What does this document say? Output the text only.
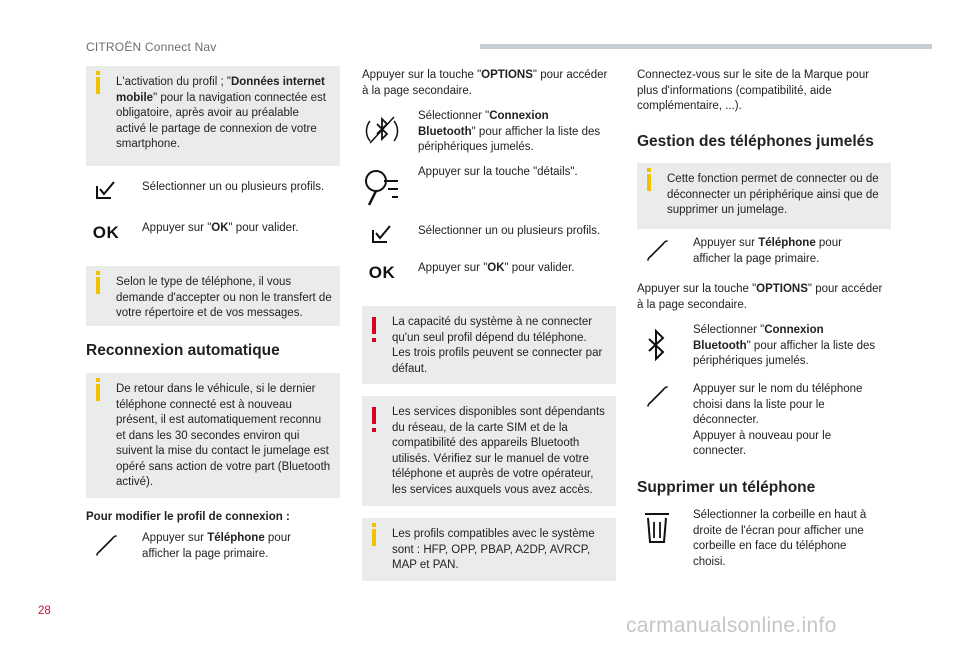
CITROËN Connect Nav
L'activation du profil ; "Données internet mobile" pour la navigation connectée est obligatoire, après avoir au préalable activé le partage de connexion de votre smartphone.
Sélectionner un ou plusieurs profils.
OK	Appuyer sur "OK" pour valider.
Selon le type de téléphone, il vous demande d'accepter ou non le transfert de votre répertoire et de vos messages.
Reconnexion automatique
De retour dans le véhicule, si le dernier téléphone connecté est à nouveau présent, il est automatiquement reconnu et dans les 30 secondes environ qui suivent la mise du contact le jumelage est opéré sans action de votre part (Bluetooth activé).
Pour modifier le profil de connexion :
Appuyer sur Téléphone pour afficher la page primaire.
Appuyer sur la touche "OPTIONS" pour accéder à la page secondaire.
Sélectionner "Connexion Bluetooth" pour afficher la liste des périphériques jumelés.
Appuyer sur la touche "détails".
Sélectionner un ou plusieurs profils.
OK	Appuyer sur "OK" pour valider.
La capacité du système à ne connecter qu'un seul profil dépend du téléphone. Les trois profils peuvent se connecter par défaut.
Les services disponibles sont dépendants du réseau, de la carte SIM et de la compatibilité des appareils Bluetooth utilisés. Vérifiez sur le manuel de votre téléphone et auprès de votre opérateur, les services auxquels vous avez accès.
Les profils compatibles avec le système sont : HFP, OPP, PBAP, A2DP, AVRCP, MAP et PAN.
Connectez-vous sur le site de la Marque pour plus d'informations (compatibilité, aide complémentaire, ...).
Gestion des téléphones jumelés
Cette fonction permet de connecter ou de déconnecter un périphérique ainsi que de supprimer un jumelage.
Appuyer sur Téléphone pour afficher la page primaire.
Appuyer sur la touche "OPTIONS" pour accéder à la page secondaire.
Sélectionner "Connexion Bluetooth" pour afficher la liste des périphériques jumelés.
Appuyer sur le nom du téléphone choisi dans la liste pour le déconnecter.
Appuyer à nouveau pour le connecter.
Supprimer un téléphone
Sélectionner la corbeille en haut à droite de l'écran pour afficher une corbeille en face du téléphone choisi.
28
carmanualsonline.info
